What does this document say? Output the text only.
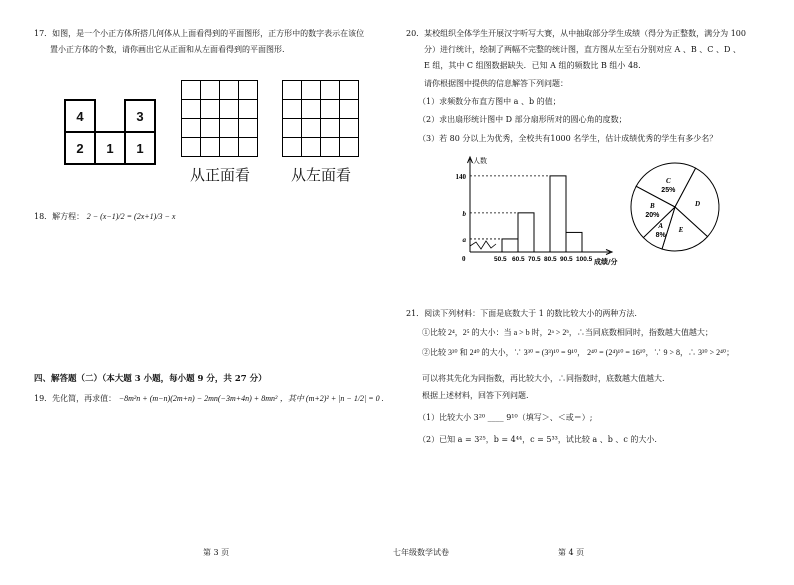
17．如图，是一个小正方体所搭几何体从上面看得到的平面图形，正方形中的数字表示在该位
置小正方体的个数，请你画出它从正面和从左面看得到的平面图形.
4		3
2	1	1

从正面看

				从左面看
18．解方程： 2 − (x−1)/2 = (2x+1)/3 − x
四、解答题（二）（本大题 3 小题，每小题 9 分，共 27 分）
19．先化简，再求值： −8m²n + (m−n)(2m+n) − 2mn(−3m+4n) + 8mn² ，其中 (m+2)² + |n − 1/2| = 0 .
第 3 页
20．某校组织全体学生开展汉字听写大赛，从中抽取部分学生成绩（得分为正整数，满分为 100
分）进行统计，绘制了两幅不完整的统计图，直方图从左至右分别对应 A 、B 、C 、D 、
E 组，其中 C 组图数据缺失．已知 A 组的频数比 B 组小 48.
请你根据图中提供的信息解答下列问题：
（1）求频数分布直方图中 a 、b 的值；
（2）求出扇形统计图中 D 部分扇形所对的圆心角的度数；
（3）若 80 分以上为优秀，全校共有1000 名学生，估计成绩优秀的学生有多少名？
人数
成绩/分
0
a
b
140
50.5 60.5 70.5 80.5 90.5 100.5
C
25%
D
E
A
8%
B
20%
21．阅读下列材料：下面是底数大于 1 的数比较大小的两种方法.
①比较 2⁴，2⁵ 的大小：当 a > b 时，2ᵃ > 2ᵇ，∴当同底数相同时，指数越大值越大；
②比较 3³⁰ 和 2⁴⁰ 的大小，∵ 3³⁰ = (3³)¹⁰ = 9¹⁰， 2⁴⁰ = (2⁴)¹⁰ = 16¹⁰，∵ 9 > 8，∴ 3³⁰ > 2⁴⁰；
可以将其先化为同指数，再比较大小，∴同指数时，底数越大值越大.
根据上述材料，回答下列问题.
（1）比较大小 3²⁰ ____ 9¹⁰（填写＞、＜或＝）;
（2）已知 a = 3²⁵，b = 4⁴⁴，c = 5³³，试比较 a 、b 、c 的大小.
七年级数学试卷	第 4 页
